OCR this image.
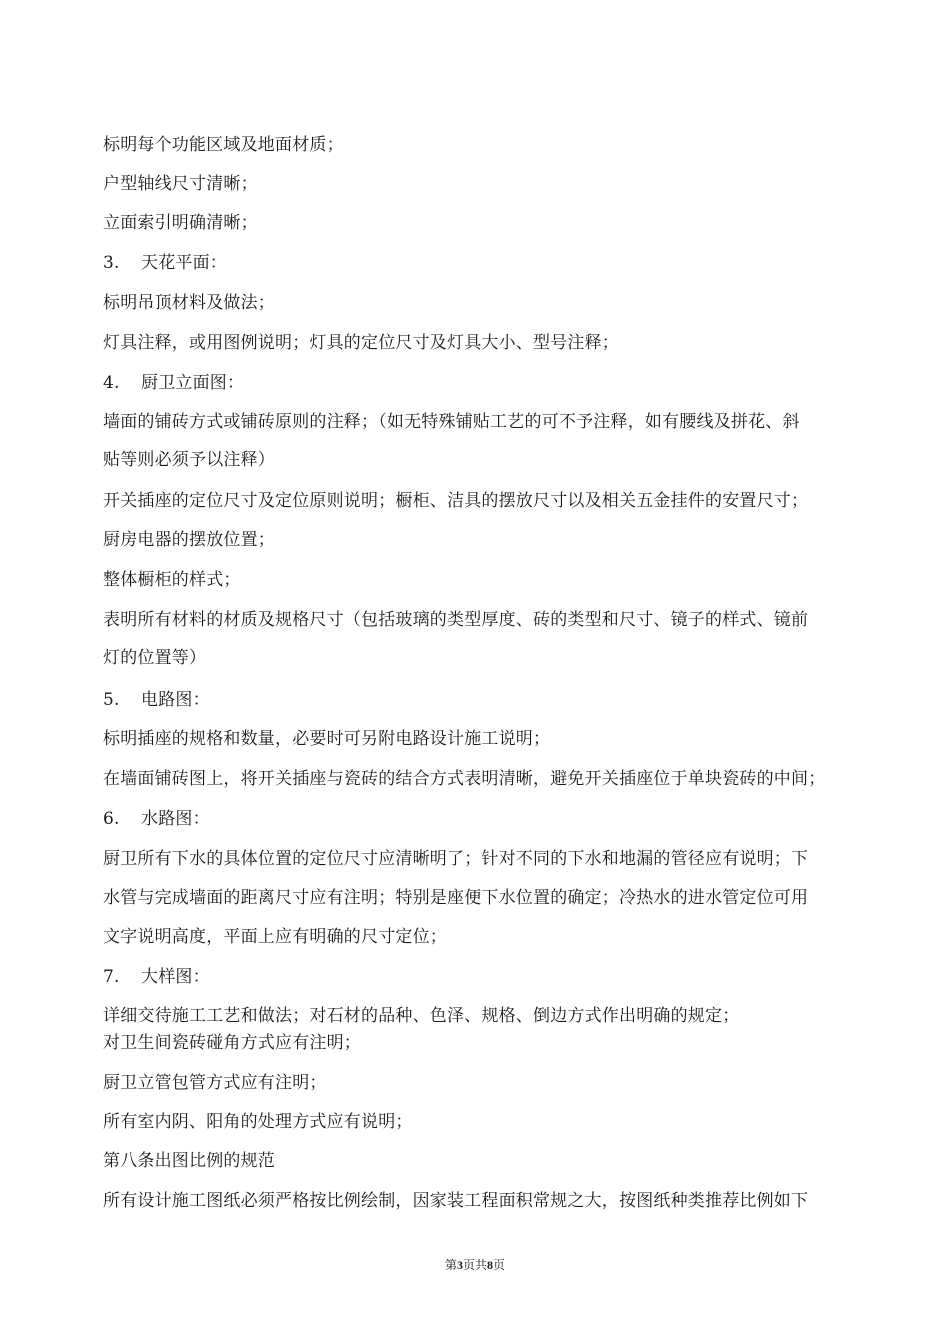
标明每个功能区域及地面材质；
户型轴线尺寸清晰；
立面索引明确清晰；
3. 天花平面：
标明吊顶材料及做法；
灯具注释，或用图例说明；灯具的定位尺寸及灯具大小、型号注释；
4. 厨卫立面图：
墙面的铺砖方式或铺砖原则的注释；（如无特殊铺贴工艺的可不予注释，如有腰线及拼花、斜
贴等则必须予以注释）
开关插座的定位尺寸及定位原则说明；橱柜、洁具的摆放尺寸以及相关五金挂件的安置尺寸；
厨房电器的摆放位置；
整体橱柜的样式；
表明所有材料的材质及规格尺寸（包括玻璃的类型厚度、砖的类型和尺寸、镜子的样式、镜前
灯的位置等）
5. 电路图：
标明插座的规格和数量，必要时可另附电路设计施工说明；
在墙面铺砖图上，将开关插座与瓷砖的结合方式表明清晰，避免开关插座位于单块瓷砖的中间；
6. 水路图：
厨卫所有下水的具体位置的定位尺寸应清晰明了；针对不同的下水和地漏的管径应有说明；下
水管与完成墙面的距离尺寸应有注明；特别是座便下水位置的确定；冷热水的进水管定位可用
文字说明高度，平面上应有明确的尺寸定位；
7. 大样图：
详细交待施工工艺和做法；对石材的品种、色泽、规格、倒边方式作出明确的规定；
对卫生间瓷砖碰角方式应有注明；
厨卫立管包管方式应有注明；
所有室内阴、阳角的处理方式应有说明；
第八条出图比例的规范
所有设计施工图纸必须严格按比例绘制，因家装工程面积常规之大，按图纸种类推荐比例如下
第3页共8页
